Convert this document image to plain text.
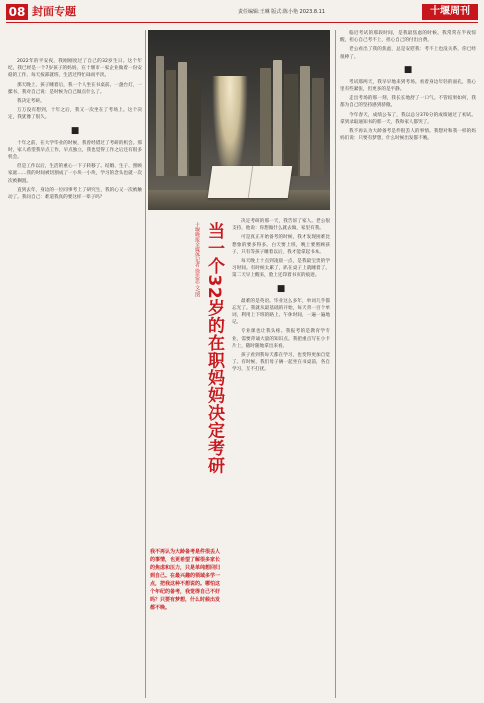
08 封面专题	责任编辑:王琳 版式:陈小艳 2023.8.11	十堰周刊

2022年的平安夜，我刚刚度过了自己的32岁生日。这个年纪，我已经是一个7岁孩子的妈妈，在十堰市一家企业做着一份安稳的工作，每天按部就班，生活过得忙碌而平淡。

那天晚上，孩子睡着后，我一个人坐在书桌前。一盏台灯，一摞书，我对自己说：是时候为自己做点什么了。

我决定考研。

万万没有想到，十年之后，我又一次坐在了考场上。这个决定，我犹豫了很久。

■

十年之前，在大学毕业的时候，我曾经错过了考研的机会。那时，家人希望我早点工作，早点独立，我也觉得工作之后还有很多机会。

但是工作以后，生活的重心一下子转移了。结婚、生子、照顾家庭……我的时间被切割成了一小块一小块，学习的念头也就一次次被搁置。

直到去年，身边的一位同事考上了研究生，我的心又一次被触动了。我问自己：难道我真的要这样一辈子吗？

十堰晚报全媒体记者 徐思思 文/图 当一个32岁的在职妈妈决定考研
我不再认为大龄备考是件很丢人的事情，也更希望了解很多家长的焦虑和压力，只是单纯想回归到自己。在最兴趣的领域多学一点，把我这种不想说的。哪怕这个年纪的备考，我觉得自己不好吗？只要有梦想，什么时候出发都不晚。

决定考研的那一天，我告诉了家人。老公很支持，他说：你想做什么就去做，家里有我。

可是真正开始备考的时候，我才发现困难比想象的要多得多。白天要上班，晚上要照顾孩子，只有等孩子睡着以后，我才能拿起书本。

每天晚上十点到凌晨一点，是我最宝贵的学习时间。有时候太累了，趴在桌子上就睡着了。第二天早上醒来，脸上还印着书页的痕迹。

■

最难的是英语。毕业这么多年，单词几乎都忘光了。我就从最基础的开始，每天背一百个单词，利用上下班的路上、午休时间，一遍一遍地记。

专业课也让我头疼。我报考的是教育学专业，需要背诵大量的知识点。我把重点写在小卡片上，随时随地拿出来看。

孩子看到我每天都在学习，也变得更加自觉了。有时候，我们母子俩一起坐在书桌前，各自学习，互不打扰。

临近考试的那段时间，是我最焦虑的时候。我常常在半夜惊醒，担心自己考不上，担心自己的付出白费。

老公看出了我的焦虑，总是安慰我：考不上也没关系，你已经很棒了。

■

考试那两天，我早早地来到考场。看着身边年轻的面孔，我心里有些紧张，但更多的是平静。

走出考场的那一刻，我长长地舒了一口气。不管结果如何，我都为自己的坚持感到骄傲。

今年春天，成绩公布了，我以总分370分的成绩通过了初试。拿到录取通知书的那一天，我和家人都哭了。

我不再认为大龄备考是件很丢人的事情。我想对和我一样的妈妈们说：只要有梦想，什么时候出发都不晚。
